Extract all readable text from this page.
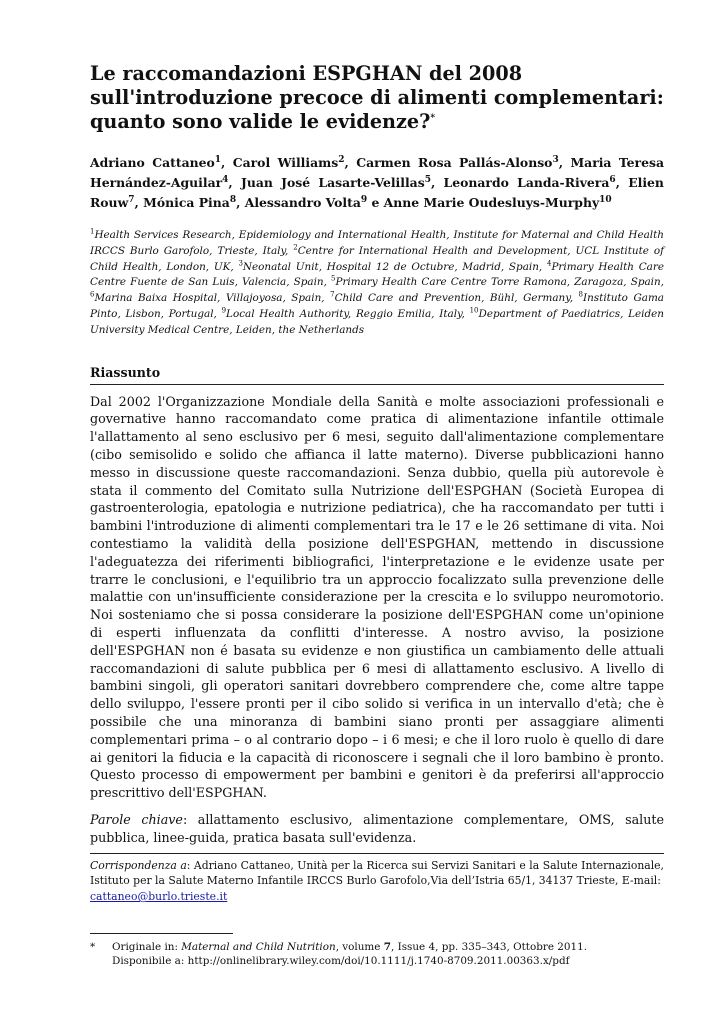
Le raccomandazioni ESPGHAN del 2008
sull'introduzione precoce di alimenti complementari:
quanto sono valide le evidenze?*
Adriano Cattaneo$^1$, Carol Williams$^2$, Carmen Rosa Pallás-Alonso$^3$, Maria Teresa Hernández-Aguilar$^4$, Juan José Lasarte-Velillas$^5$, Leonardo Landa-Rivera$^6$, Elien Rouw$^7$, Mónica Pina$^8$, Alessandro Volta$^9$ e Anne Marie Oudesluys-Murphy$^{10}$
$^1$Health Services Research, Epidemiology and International Health, Institute for Maternal and Child Health IRCCS Burlo Garofolo, Trieste, Italy, $^2$Centre for International Health and Development, UCL Institute of Child Health, London, UK, $^3$Neonatal Unit, Hospital 12 de Octubre, Madrid, Spain, $^4$Primary Health Care Centre Fuente de San Luis, Valencia, Spain, $^5$Primary Health Care Centre Torre Ramona, Zaragoza, Spain, $^6$Marina Baixa Hospital, Villajoyosa, Spain, $^7$Child Care and Prevention, Bühl, Germany, $^8$Instituto Gama Pinto, Lisbon, Portugal, $^9$Local Health Authority, Reggio Emilia, Italy, $^{10}$Department of Paediatrics, Leiden University Medical Centre, Leiden, the Netherlands
Riassunto
Dal 2002 l'Organizzazione Mondiale della Sanità e molte associazioni professionali e governative hanno raccomandato come pratica di alimentazione infantile ottimale l'allattamento al seno esclusivo per 6 mesi, seguito dall'alimentazione complementare (cibo semisolido e solido che affianca il latte materno). Diverse pubblicazioni hanno messo in discussione queste raccomandazioni. Senza dubbio, quella più autorevole è stata il commento del Comitato sulla Nutrizione dell'ESPGHAN (Società Europea di gastroenterologia, epatologia e nutrizione pediatrica), che ha raccomandato per tutti i bambini l'introduzione di alimenti complementari tra le 17 e le 26 settimane di vita. Noi contestiamo la validità della posizione dell'ESPGHAN, mettendo in discussione l'adeguatezza dei riferimenti bibliografici, l'interpretazione e le evidenze usate per trarre le conclusioni, e l'equilibrio tra un approccio focalizzato sulla prevenzione delle malattie con un'insufficiente considerazione per la crescita e lo sviluppo neuromotorio. Noi sosteniamo che si possa considerare la posizione dell'ESPGHAN come un'opinione di esperti influenzata da conflitti d'interesse. A nostro avviso, la posizione dell'ESPGHAN non é basata su evidenze e non giustifica un cambiamento delle attuali raccomandazioni di salute pubblica per 6 mesi di allattamento esclusivo. A livello di bambini singoli, gli operatori sanitari dovrebbero comprendere che, come altre tappe dello sviluppo, l'essere pronti per il cibo solido si verifica in un intervallo d'età; che è possibile che una minoranza di bambini siano pronti per assaggiare alimenti complementari prima – o al contrario dopo – i 6 mesi; e che il loro ruolo è quello di dare ai genitori la fiducia e la capacità di riconoscere i segnali che il loro bambino è pronto. Questo processo di empowerment per bambini e genitori è da preferirsi all'approccio prescrittivo dell'ESPGHAN.
Parole chiave: allattamento esclusivo, alimentazione complementare, OMS, salute pubblica, linee-guida, pratica basata sull'evidenza.
Corrispondenza a: Adriano Cattaneo, Unità per la Ricerca sui Servizi Sanitari e la Salute Internazionale, Istituto per la Salute Materno Infantile IRCCS Burlo Garofolo,Via dell’Istria 65/1, 34137 Trieste, E-mail:
cattaneo@burlo.trieste.it
*	Originale in: Maternal and Child Nutrition, volume 7, Issue 4, pp. 335–343, Ottobre 2011.
Disponibile a: http://onlinelibrary.wiley.com/doi/10.1111/j.1740-8709.2011.00363.x/pdf
